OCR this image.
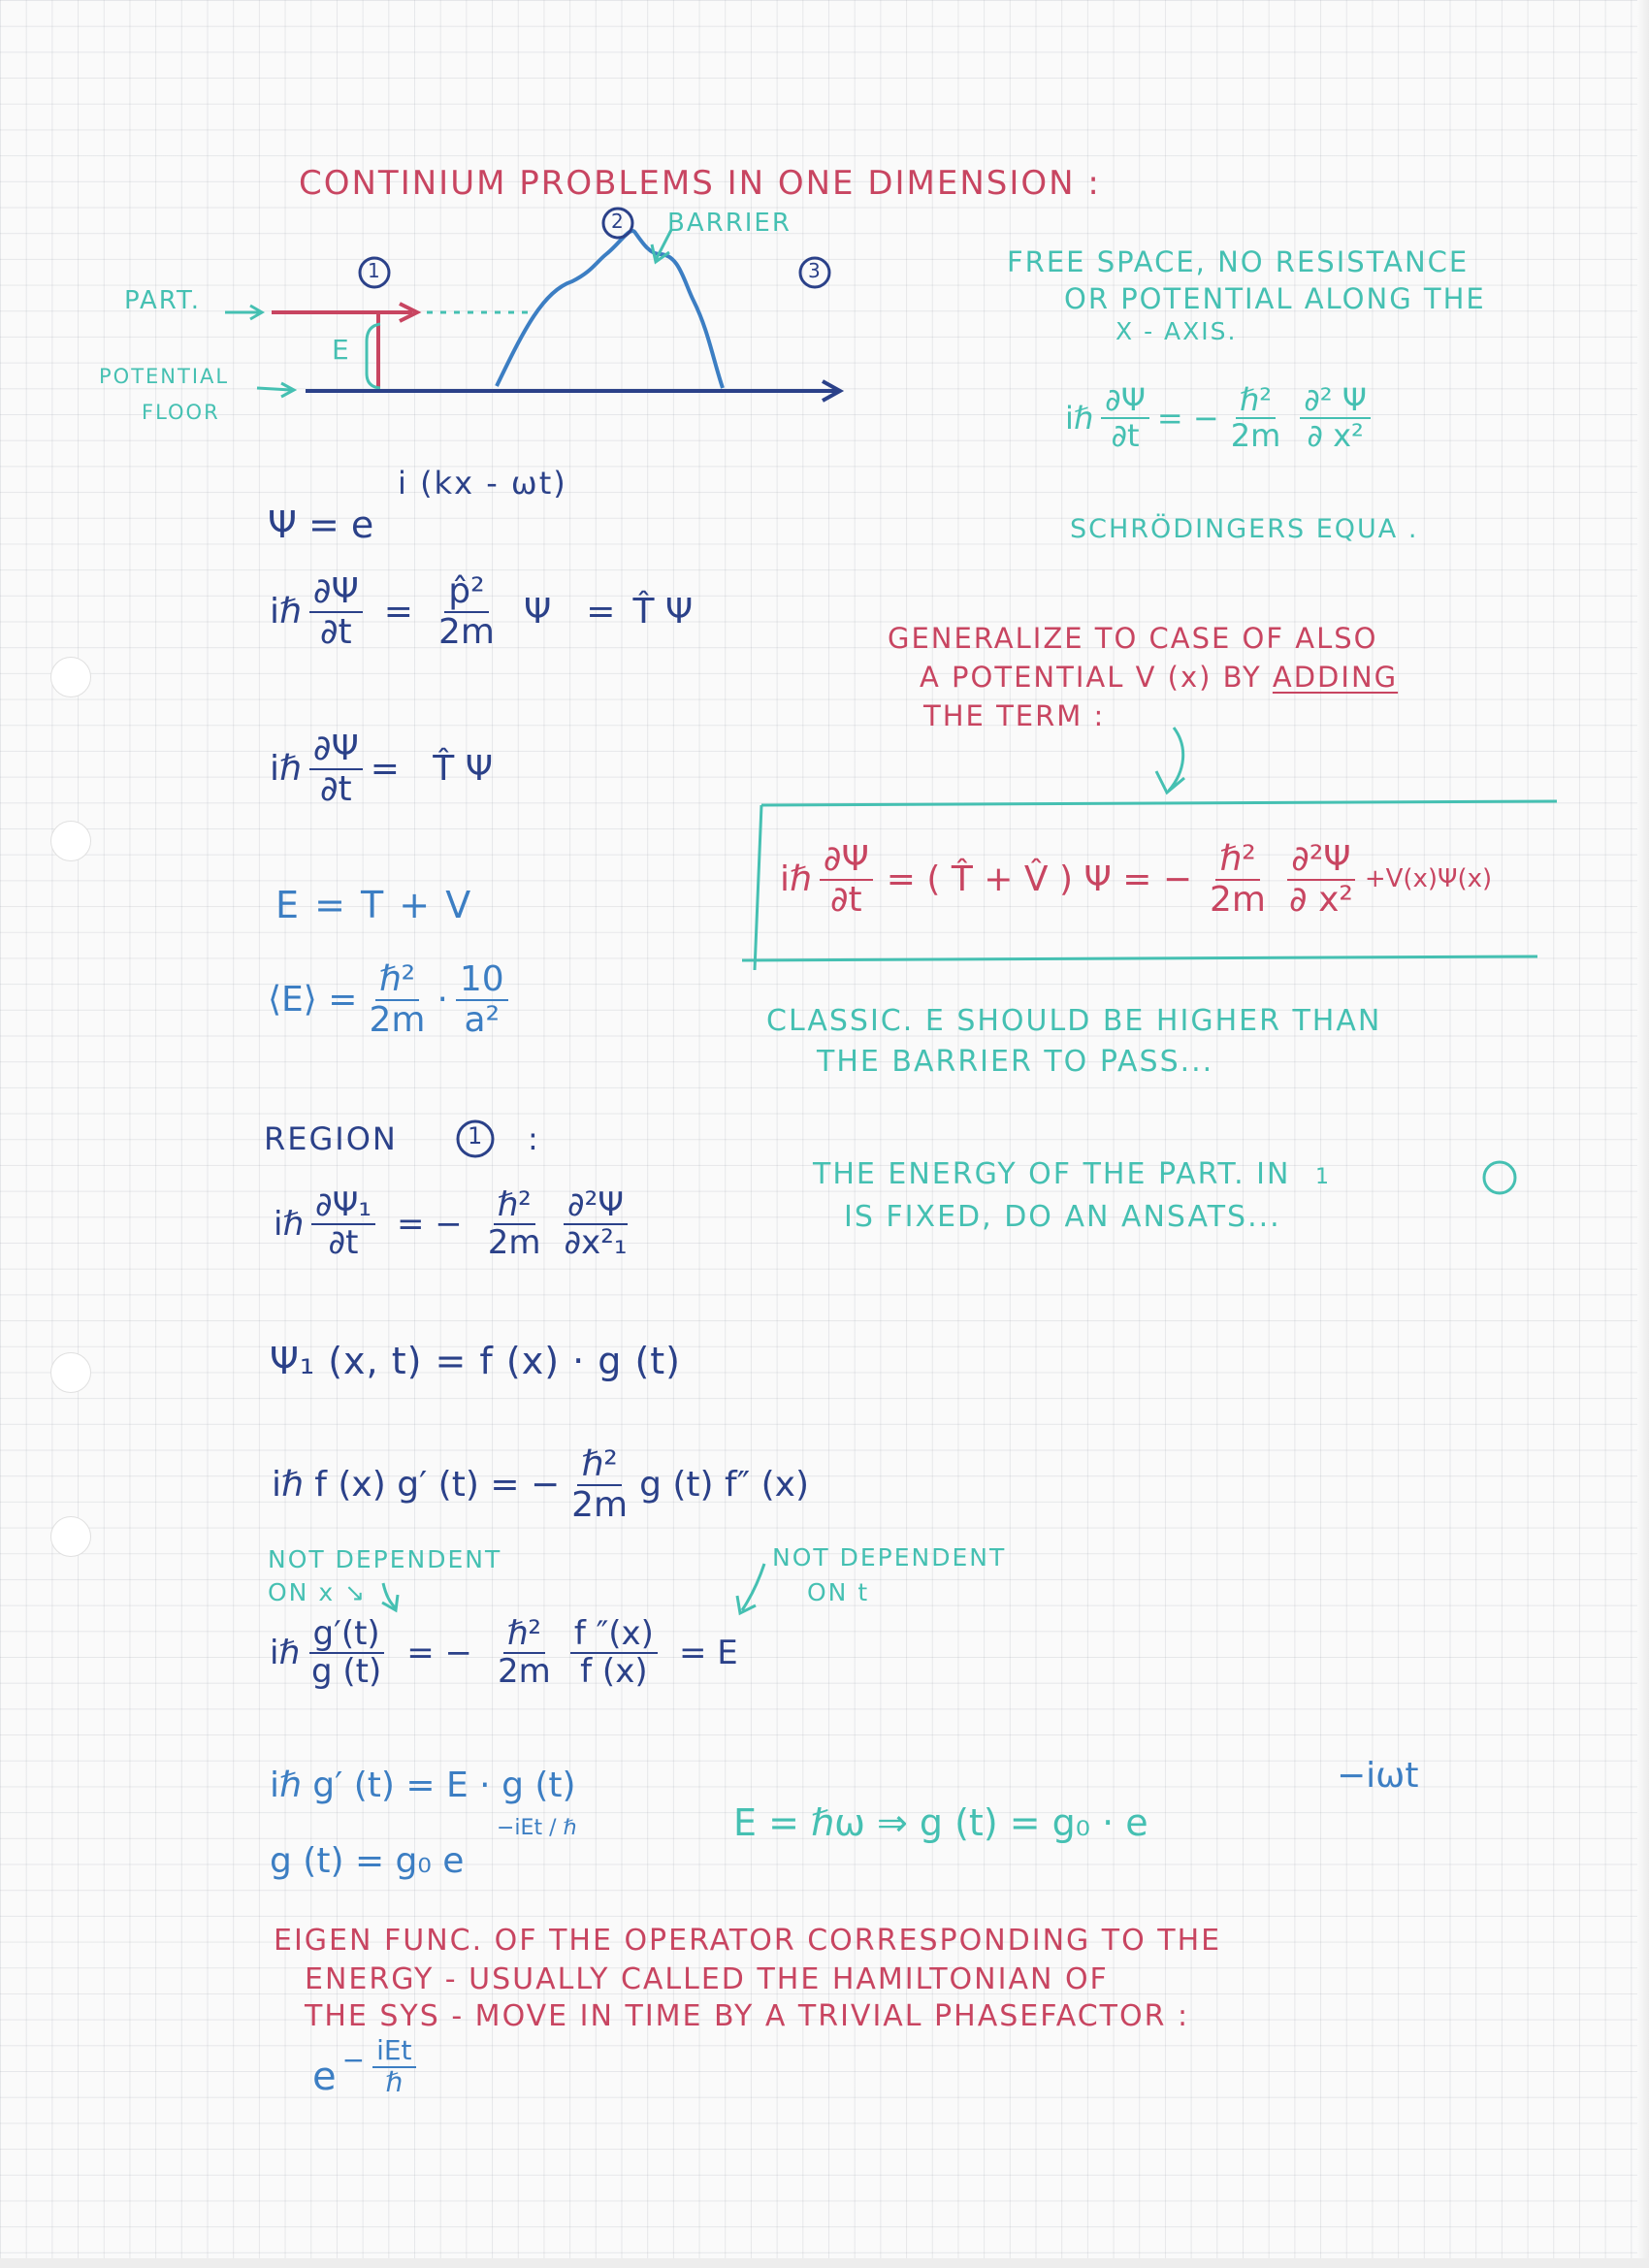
CONTINIUM PROBLEMS IN ONE DIMENSION :
1
2
3
BARRIER
PART.
E
POTENTIAL
FLOOR
FREE SPACE, NO RESISTANCE
OR POTENTIAL ALONG THE
X - AXIS.
iℏ $\frac{\partial\Psi}{\partial t}$ = − $\frac{\text{ℏ²}}{2m} \frac{\text{∂² Ψ}}{\text{∂ x²}}$
SCHRÖDINGERS EQUA .
Ψ = e
i (kx - ωt)
iℏ $\frac{\partial\Psi}{\partial t} = \frac{\text{p̂²}}{2m}$ Ψ = T̂ Ψ
iℏ $\frac{\partial\Psi}{\partial t}$ =   T̂ Ψ
GENERALIZE TO CASE OF ALSO
A POTENTIAL V (x) BY ADDING
THE TERM :
iℏ $\frac{\partial\Psi}{\partial t}$ = ( T̂ + V̂ ) Ψ = − $\frac{\text{ℏ²}}{2m} \frac{\text{∂²Ψ}}{\text{∂ x²}} +V(x)\Psi(x)$
E = T + V
⟨E⟩ = $\frac{\text{ℏ²}}{2m} \cdot \frac{10}{\text{a²}}$	CLASSIC. E SHOULD BE HIGHER THAN
THE BARRIER TO PASS...
REGION	1 :
iℏ $\frac{\text{∂Ψ₁}}{\partial t}$ = − $\frac{\text{ℏ²}}{2m} \frac{\text{∂²Ψ}}{\text{∂x²₁}}$
THE ENERGY OF THE PART. IN 1
IS FIXED, DO AN ANSATS...
Ψ₁ (x, t) = f (x) · g (t)
iℏ f (x) g′ (t) = − $\frac{\text{ℏ²}}{2m}$ g (t) f″ (x)
NOT DEPENDENT
ON x ↘
NOT DEPENDENT
ON t
iℏ $\frac{g'(t)}{g (t)}$ = − $\frac{\text{ℏ²}}{2m} \frac{f ''(x)}{f (x)} = E$
iℏ g′ (t) = E · g (t)
g (t) = g₀ e
−iEt / ℏ	E = ℏω ⇒ g (t) = g₀ · e
−iωt
EIGEN FUNC. OF THE OPERATOR CORRESPONDING TO THE
ENERGY - USUALLY CALLED THE HAMILTONIAN OF
THE SYS - MOVE IN TIME BY A TRIVIAL PHASEFACTOR :
$e - \frac{\text{iEt}}{\text{ℏ}}$
